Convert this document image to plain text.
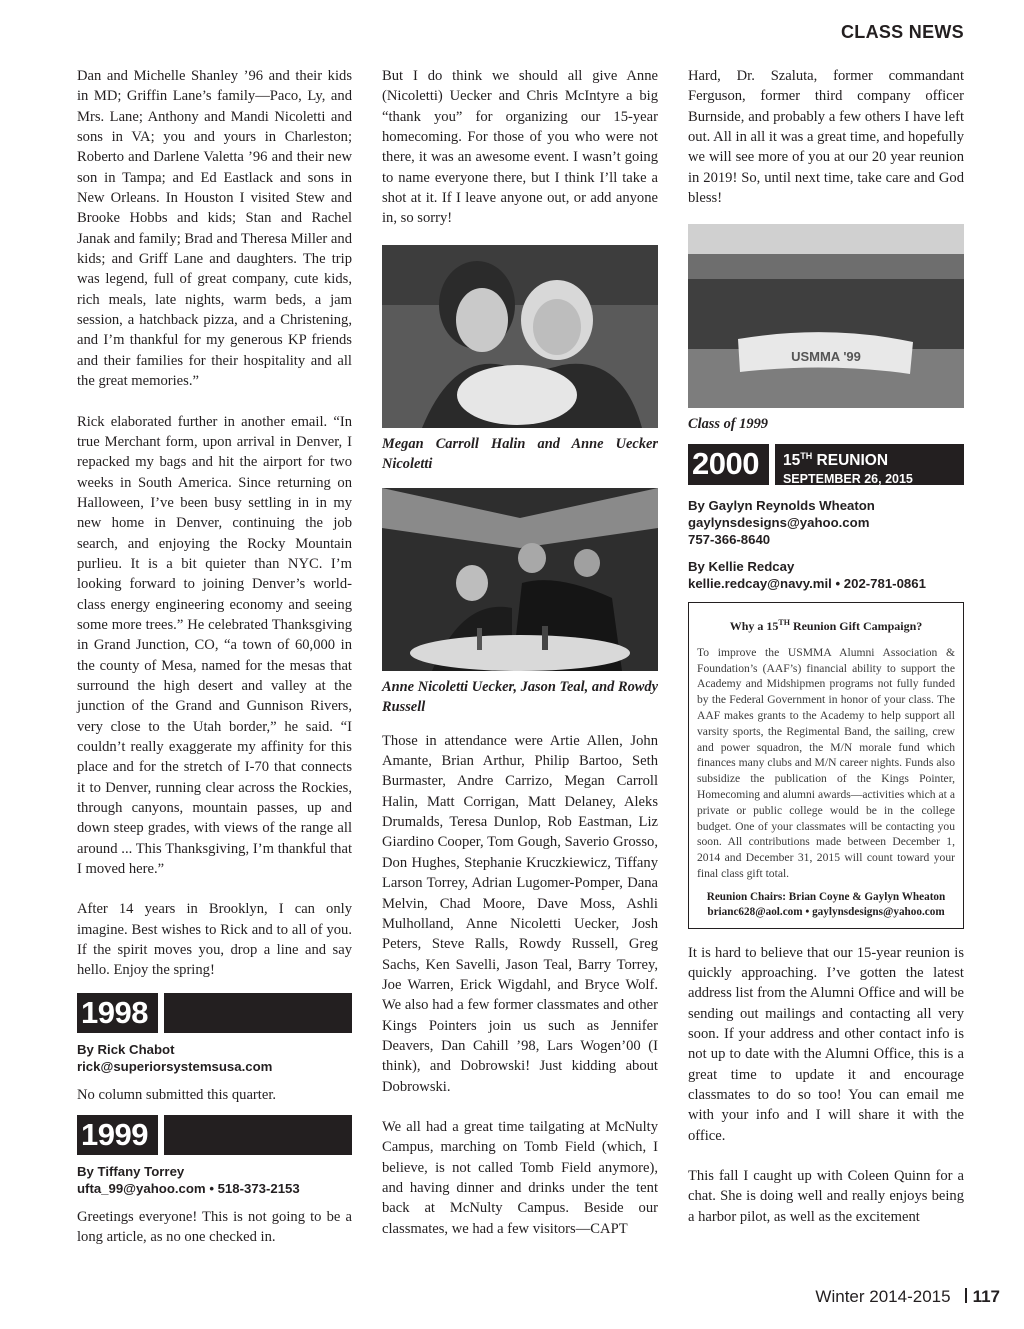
CLASS NEWS

Dan and Michelle Shanley ’96 and their kids in MD; Griffin Lane’s family—Paco, Ly, and Mrs. Lane; Anthony and Mandi Nicoletti and sons in VA; you and yours in Charleston; Roberto and Darlene Valetta ’96 and their new son in Tampa; and Ed Eastlack and sons in New Orleans. In Houston I visited Stew and Brooke Hobbs and kids; Stan and Rachel Janak and family; Brad and Theresa Miller and kids; and Griff Lane and daughters. The trip was legend, full of great company, cute kids, rich meals, late nights, warm beds, a jam session, a hatchback pizza, and a Christening, and I’m thankful for my generous KP friends and their families for their hospitality and all the great memories.”

Rick elaborated further in another email. “In true Merchant form, upon arrival in Denver, I repacked my bags and hit the airport for two weeks in South America. Since returning on Halloween, I’ve been busy settling in in my new home in Denver, continuing the job search, and enjoying the Rocky Mountain purlieu. It is a bit quieter than NYC. I’m looking forward to joining Denver’s world-class energy engineering economy and seeing some more trees.” He celebrated Thanksgiving in Grand Junction, CO, “a town of 60,000 in the county of Mesa, named for the mesas that surround the high desert and valley at the junction of the Grand and Gunnison Rivers, very close to the Utah border,” he said. “I couldn’t really exaggerate my affinity for this place and for the stretch of I-70 that connects it to Denver, running clear across the Rockies, through canyons, mountain passes, up and down steep grades, with views of the range all around ... This Thanksgiving, I’m thankful that I moved here.”

After 14 years in Brooklyn, I can only imagine. Best wishes to Rick and to all of you. If the spirit moves you, drop a line and say hello. Enjoy the spring!

1998
By Rick Chabot
rick@superiorsystemsusa.com

No column submitted this quarter.

1999
By Tiffany Torrey
ufta_99@yahoo.com • 518-373-2153

Greetings everyone! This is not going to be a long article, as no one checked in.

But I do think we should all give Anne (Nicoletti) Uecker and Chris McIntyre a big “thank you” for organizing our 15-year homecoming. For those of you who were not there, it was an awesome event. I wasn’t going to name everyone there, but I think I’ll take a shot at it. If I leave anyone out, or add anyone in, so sorry!

Megan Carroll Halin and Anne Uecker Nicoletti
Anne Nicoletti Uecker, Jason Teal, and Rowdy Russell

Those in attendance were Artie Allen, John Amante, Brian Arthur, Philip Bartoo, Seth Burmaster, Andre Carrizo, Megan Carroll Halin, Matt Corrigan, Matt Delaney, Aleks Drumalds, Teresa Dunlop, Rob Eastman, Liz Giardino Cooper, Tom Gough, Saverio Grosso, Don Hughes, Stephanie Kruczkiewicz, Tiffany Larson Torrey, Adrian Lugomer-Pomper, Dana Melvin, Chad Moore, Dave Moss, Ashli Mulholland, Anne Nicoletti Uecker, Josh Peters, Steve Ralls, Rowdy Russell, Greg Sachs, Ken Savelli, Jason Teal, Barry Torrey, Joe Warren, Erick Wigdahl, and Bryce Wolf. We also had a few former classmates and other Kings Pointers join us such as Jennifer Deavers, Dan Cahill ’98, Lars Wogen’00 (I think), and Dobrowski! Just kidding about Dobrowski.

We all had a great time tailgating at McNulty Campus, marching on Tomb Field (which, I believe, is not called Tomb Field anymore), and having dinner and drinks under the tent back at McNulty Campus. Beside our classmates, we had a few visitors—CAPT

Hard, Dr. Szaluta, former commandant Ferguson, former third company officer Burnside, and probably a few others I have left out. All in all it was a great time, and hopefully we will see more of you at our 20 year reunion in 2019! So, until next time, take care and God bless!

USMMA '99
Class of 1999
2000	15TH REUNION
SEPTEMBER 26, 2015
By Gaylyn Reynolds Wheaton
gaylynsdesigns@yahoo.com
757-366-8640
By Kellie Redcay
kellie.redcay@navy.mil • 202-781-0861
Why a 15TH Reunion Gift Campaign?
To improve the USMMA Alumni Association & Foundation’s (AAF’s) financial ability to support the Academy and Midshipmen programs not fully funded by the Federal Government in honor of your class. The AAF makes grants to the Academy to help support all varsity sports, the Regimental Band, the sailing, crew and power squadron, the M/N morale fund which finances many clubs and M/N career nights. Funds also subsidize the publication of the Kings Pointer, Homecoming and alumni awards—activities which at a private or public college would be in the college budget. One of your classmates will be contacting you soon. All contributions made between December 1, 2014 and December 31, 2015 will count toward your final class gift total.
Reunion Chairs: Brian Coyne & Gaylyn Wheaton
brianc628@aol.com • gaylynsdesigns@yahoo.com

It is hard to believe that our 15-year reunion is quickly approaching. I’ve gotten the latest address list from the Alumni Office and will be sending out mailings and contacting all very soon. If your address and other contact info is not up to date with the Alumni Office, this is a great time to update it and encourage classmates to do so too! You can email me with your info and I will share it with the office.

This fall I caught up with Coleen Quinn for a chat. She is doing well and really enjoys being a harbor pilot, as well as the excitement

Winter 2014-2015 117
